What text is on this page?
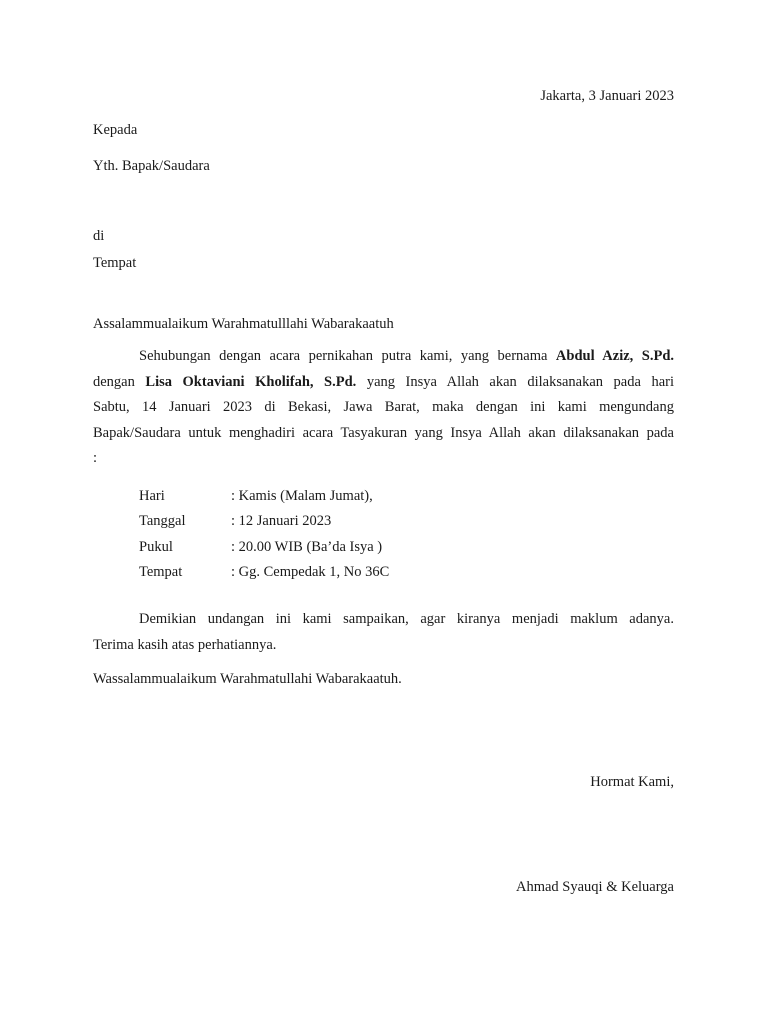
Jakarta, 3 Januari 2023
Kepada
Yth. Bapak/Saudara
di
Tempat
Assalammualaikum Warahmatulllahi Wabarakaatuh
Sehubungan dengan acara pernikahan putra kami, yang bernama Abdul Aziz, S.Pd.
dengan Lisa Oktaviani Kholifah, S.Pd. yang Insya Allah akan dilaksanakan pada hari
Sabtu, 14 Januari 2023 di Bekasi, Jawa Barat, maka dengan ini kami mengundang
Bapak/Saudara untuk menghadiri acara Tasyakuran yang Insya Allah akan dilaksanakan pada
:
Hari	: Kamis (Malam Jumat),
Tanggal	: 12 Januari 2023
Pukul	: 20.00 WIB (Ba’da Isya )
Tempat	: Gg. Cempedak 1, No 36C
Demikian undangan ini kami sampaikan, agar kiranya menjadi maklum adanya.
Terima kasih atas perhatiannya.
Wassalammualaikum Warahmatullahi Wabarakaatuh.
Hormat Kami,
Ahmad Syauqi & Keluarga
